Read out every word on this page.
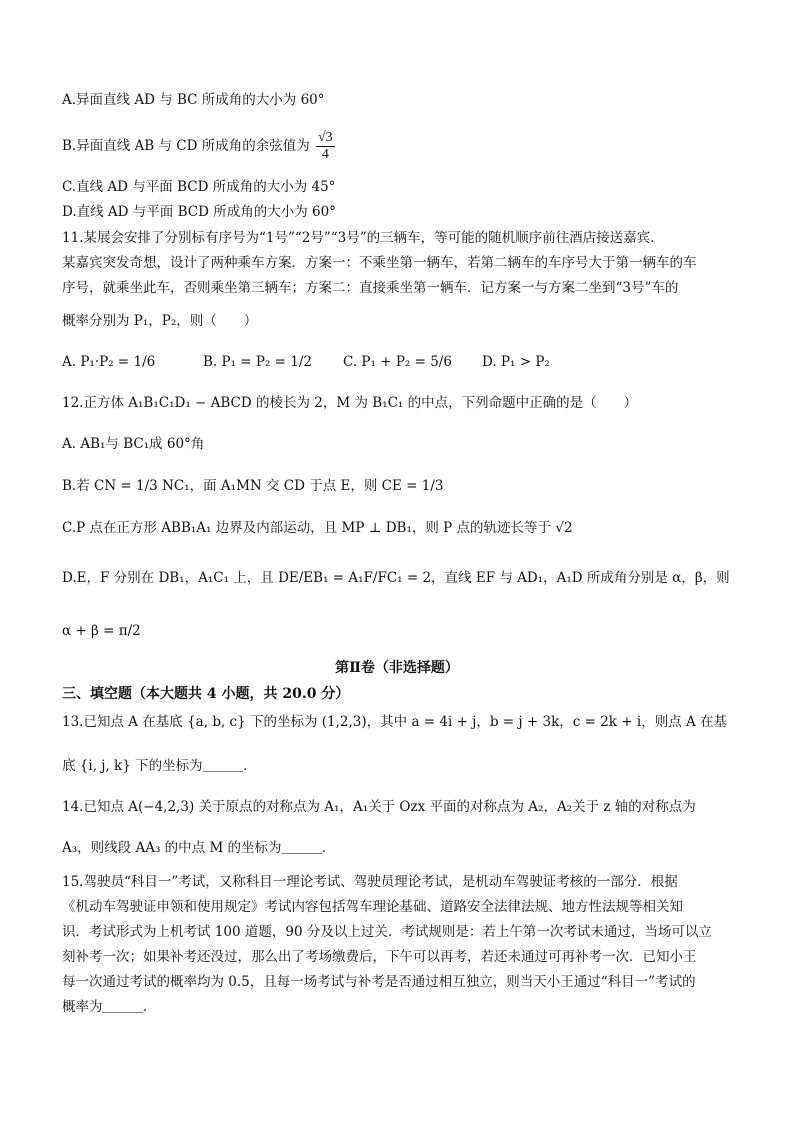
A.异面直线 AD 与 BC 所成角的大小为 60°
B.异面直线 AB 与 CD 所成角的余弦值为 $\frac{√3}{4}$
C.直线 AD 与平面 BCD 所成角的大小为 45°
D.直线 AD 与平面 BCD 所成角的大小为 60°
11.某展会安排了分别标有序号为“1号”“2号”“3号”的三辆车，等可能的随机顺序前往酒店接送嘉宾.
某嘉宾突发奇想，设计了两种乘车方案．方案一：不乘坐第一辆车，若第二辆车的车序号大于第一辆车的车
序号，就乘坐此车，否则乘坐第三辆车；方案二：直接乘坐第一辆车．记方案一与方案二坐到“3号”车的
概率分别为 P₁，P₂，则（　　）
A. P₁·P₂ = 1/6	B. P₁ = P₂ = 1/2 C. P₁ + P₂ = 5/6 D. P₁ > P₂
12.正方体 A₁B₁C₁D₁ − ABCD 的棱长为 2，M 为 B₁C₁ 的中点，下列命题中正确的是（　　）
A. AB₁与 BC₁成 60°角
B.若 CN = 1/3 NC₁，面 A₁MN 交 CD 于点 E，则 CE = 1/3
C.P 点在正方形 ABB₁A₁ 边界及内部运动，且 MP ⊥ DB₁，则 P 点的轨迹长等于 √2
D.E，F 分别在 DB₁，A₁C₁ 上，且 DE/EB₁ = A₁F/FC₁ = 2，直线 EF 与 AD₁，A₁D 所成角分别是 α，β，则
α + β = π/2
第Ⅱ卷（非选择题）
三、填空题（本大题共 4 小题，共 20.0 分）
13.已知点 A 在基底 {a, b, c} 下的坐标为 (1,2,3)，其中 a = 4i + j，b = j + 3k，c = 2k + i，则点 A 在基
底 {i, j, k} 下的坐标为＿＿＿．
14.已知点 A(−4,2,3) 关于原点的对称点为 A₁，A₁关于 Ozx 平面的对称点为 A₂，A₂关于 z 轴的对称点为
A₃，则线段 AA₃ 的中点 M 的坐标为＿＿＿．
15.驾驶员“科目一”考试，又称科目一理论考试、驾驶员理论考试，是机动车驾驶证考核的一部分．根据
《机动车驾驶证申领和使用规定》考试内容包括驾车理论基础、道路安全法律法规、地方性法规等相关知
识．考试形式为上机考试 100 道题，90 分及以上过关．考试规则是：若上午第一次考试未通过，当场可以立
刻补考一次；如果补考还没过，那么出了考场缴费后，下午可以再考，若还未通过可再补考一次．已知小王
每一次通过考试的概率均为 0.5，且每一场考试与补考是否通过相互独立，则当天小王通过“科目一”考试的
概率为＿＿＿．
